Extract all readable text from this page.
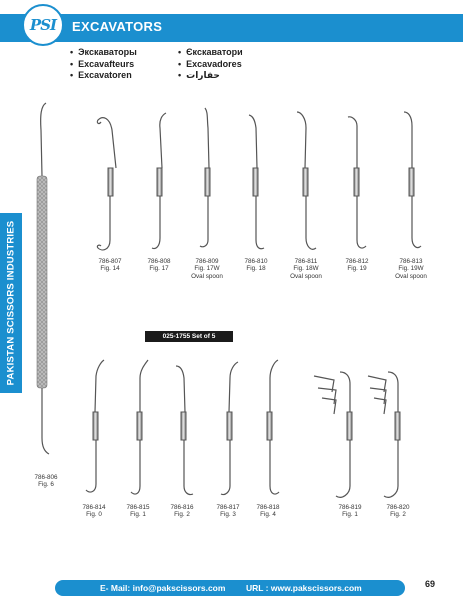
PSI EXCAVATORS
• Экскаваторы
• Excavafteurs
• Excavatoren
• Єкскаватори
• Excavadores
• حفارات
PAKISTAN SCISSORS INDUSTRIES
786-806
Fig. 6
786-807
Fig. 14
786-808
Fig. 17
786-809
Fig. 17W
Oval spoon
786-810
Fig. 18
786-811
Fig. 18W
Oval spoon
786-812
Fig. 19
786-813
Fig. 19W
Oval spoon
025-1755 Set of 5
786-814
Fig. 0
786-815
Fig. 1
786-816
Fig. 2
786-817
Fig. 3
786-818
Fig. 4
786-819
Fig. 1
786-820
Fig. 2
E- Mail: info@pakscissors.com URL : www.pakscissors.com	69
